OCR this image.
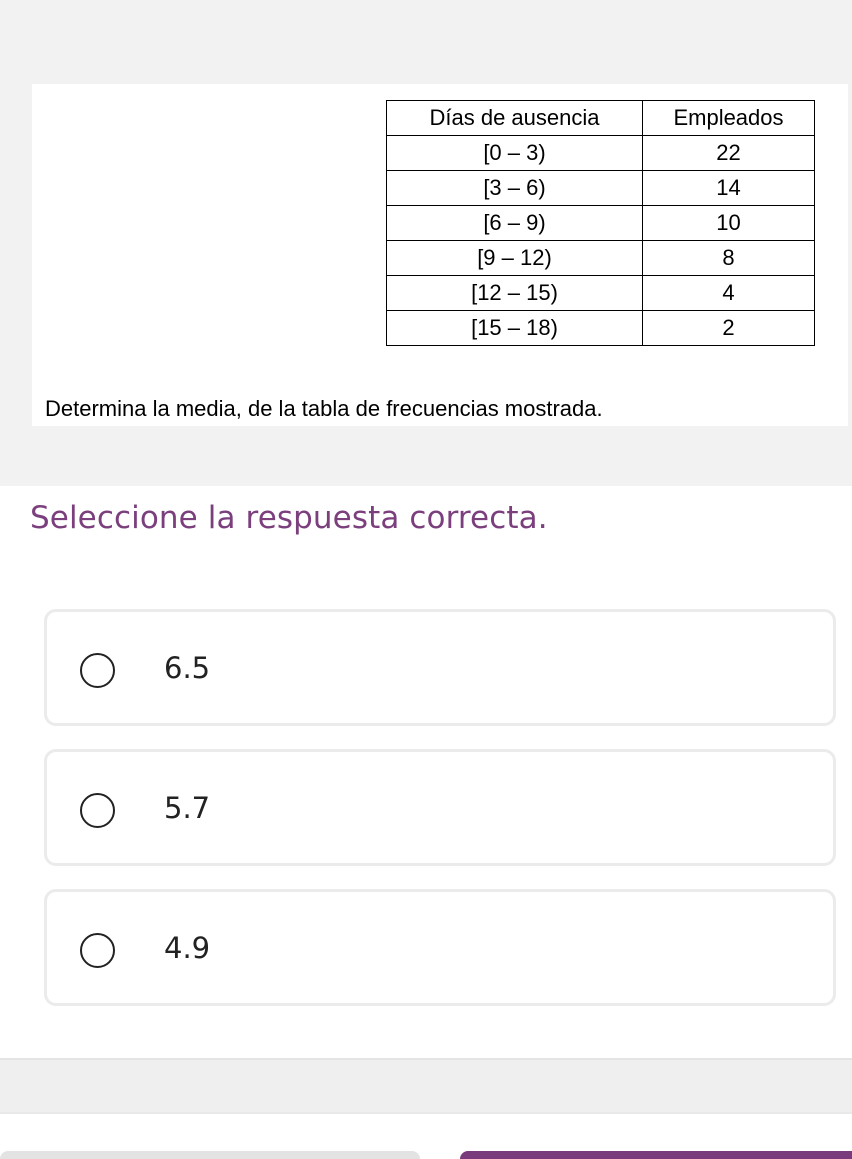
Días de ausencia	Empleados
[0 – 3)	22
[3 – 6)	14
[6 – 9)	10
[9 – 12)	8
[12 – 15)	4
[15 – 18)	2
Determina la media, de la tabla de frecuencias mostrada.
Seleccione la respuesta correcta.
6.5
5.7
4.9
